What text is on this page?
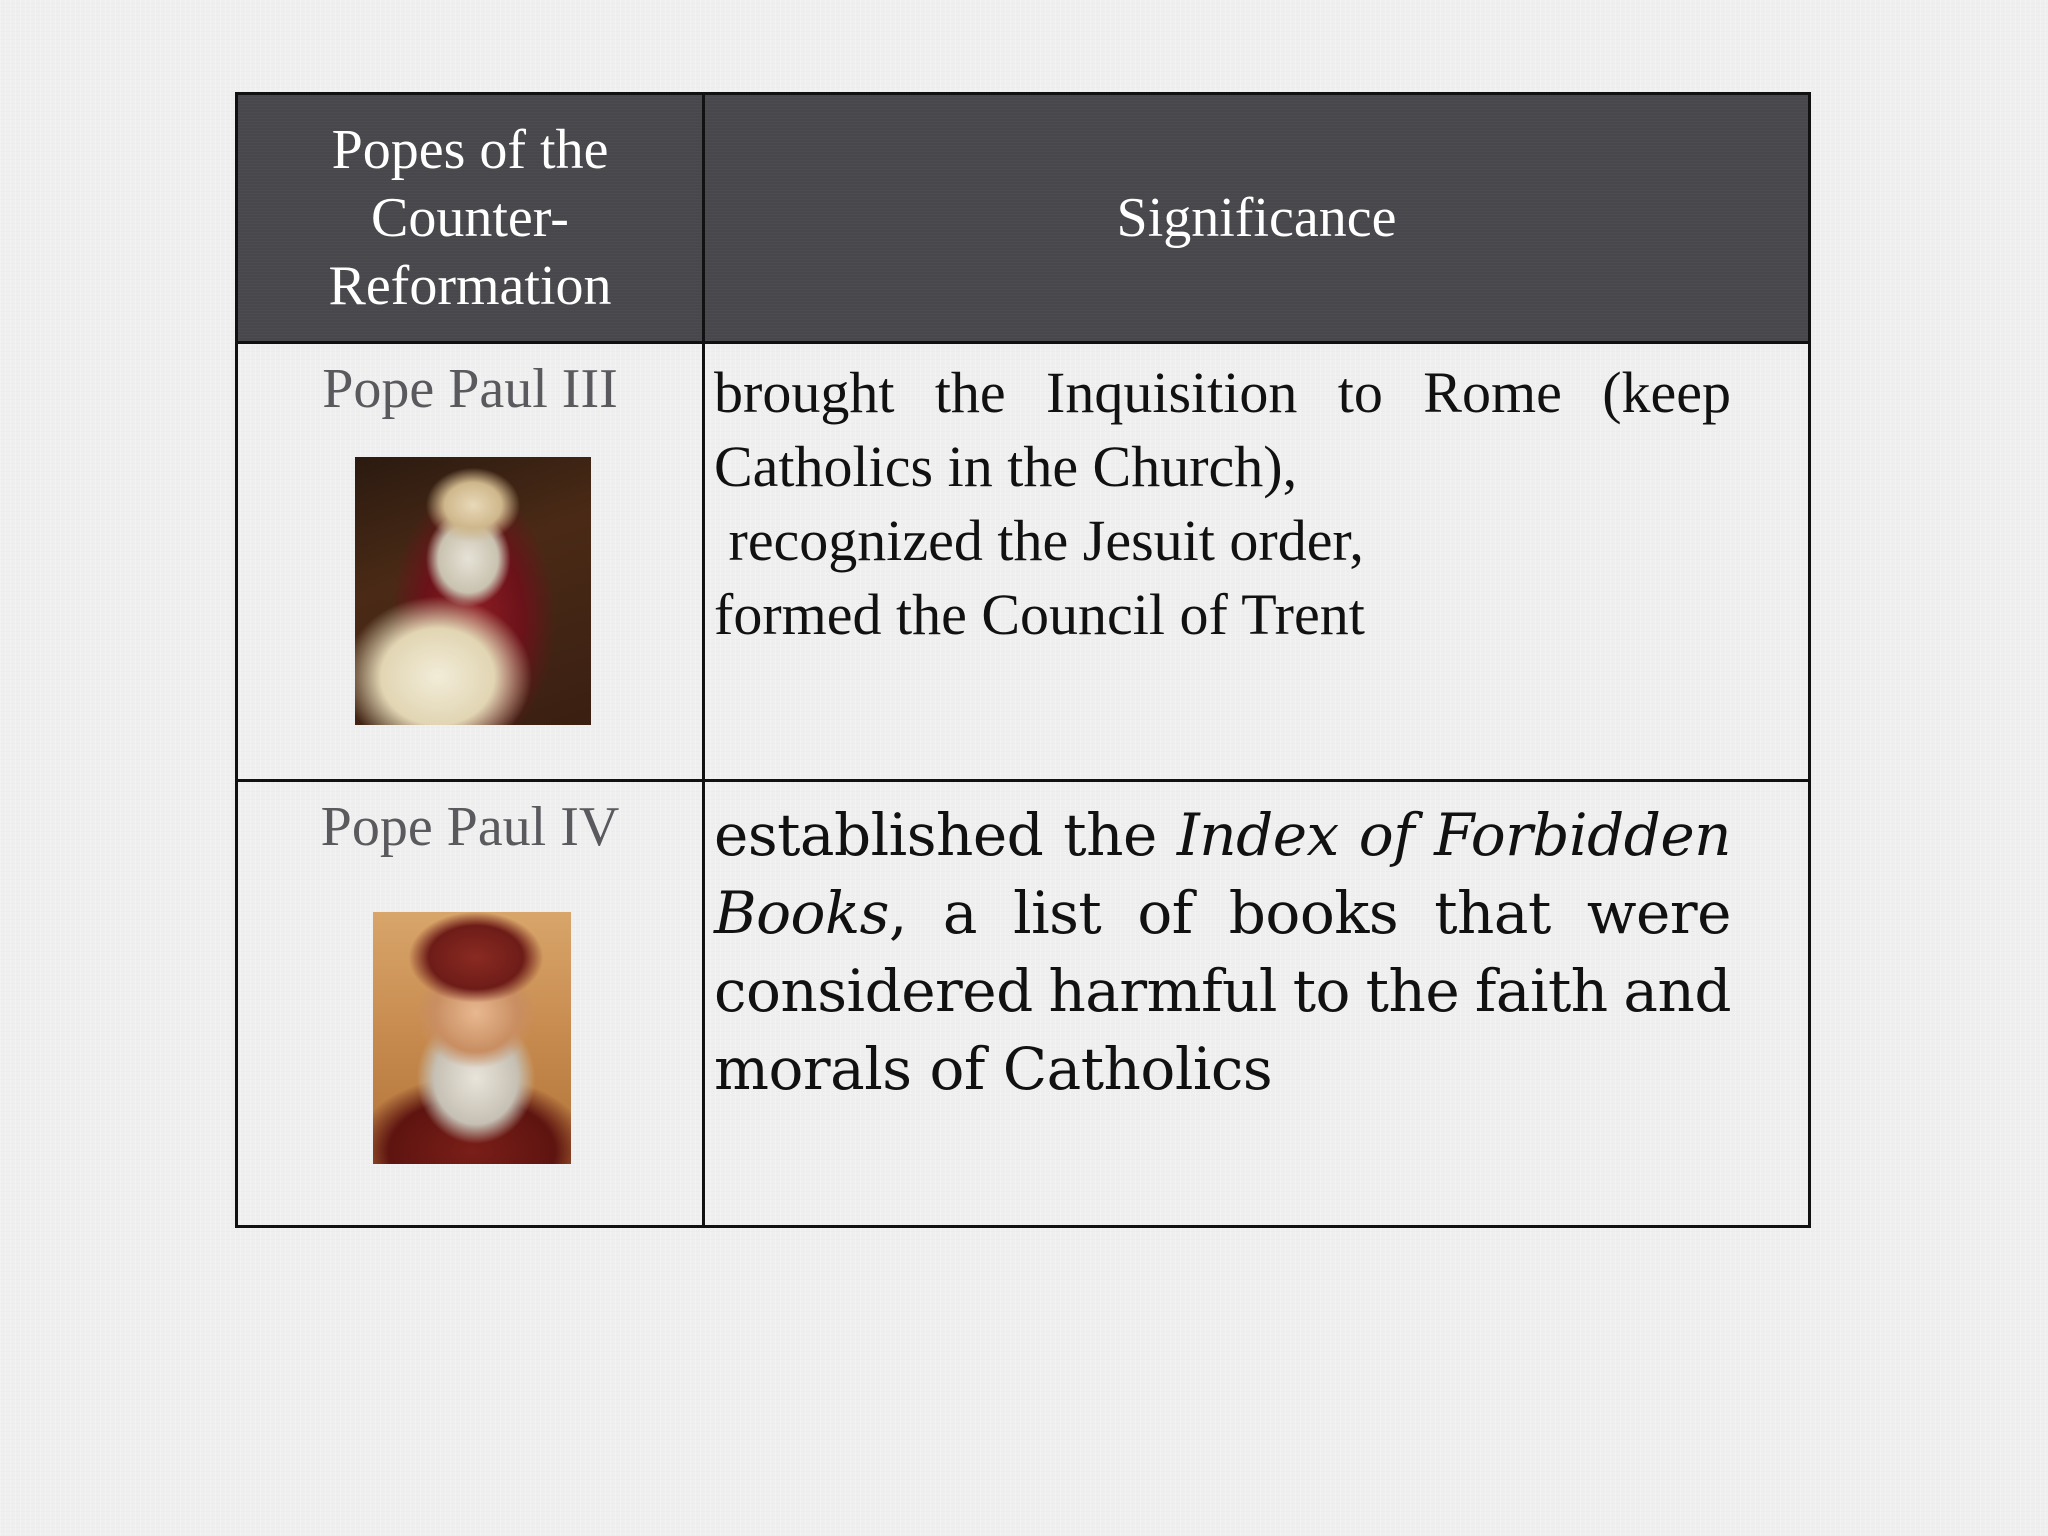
Popes of the Counter-Reformation
Significance
Pope Paul III	brought the Inquisition to Rome (keep
Catholics in the Church),
recognized the Jesuit order,
formed the Council of Trent
Pope Paul IV	established the Index of Forbidden
Books, a list of books that were
considered harmful to the faith and
morals of Catholics
